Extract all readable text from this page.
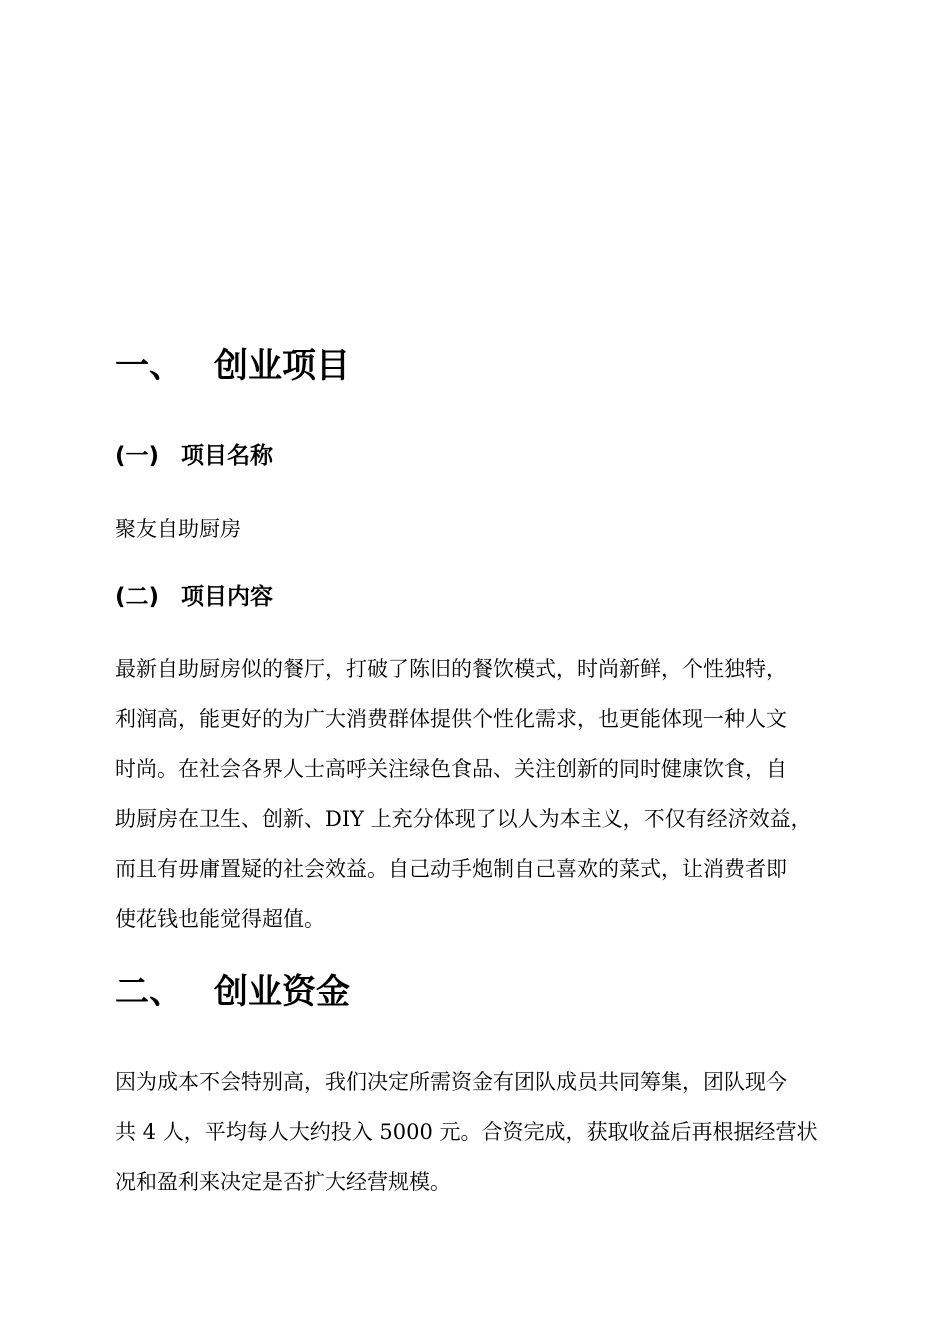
一、 创业项目
(一) 项目名称
聚友自助厨房
(二) 项目内容
最新自助厨房似的餐厅，打破了陈旧的餐饮模式，时尚新鲜，个性独特，
利润高，能更好的为广大消费群体提供个性化需求，也更能体现一种人文
时尚。在社会各界人士高呼关注绿色食品、关注创新的同时健康饮食，自
助厨房在卫生、创新、DIY 上充分体现了以人为本主义，不仅有经济效益，
而且有毋庸置疑的社会效益。自己动手炮制自己喜欢的菜式，让消费者即
使花钱也能觉得超值。
二、 创业资金
因为成本不会特别高，我们决定所需资金有团队成员共同筹集，团队现今
共 4 人，平均每人大约投入 5000 元。合资完成，获取收益后再根据经营状
况和盈利来决定是否扩大经营规模。
